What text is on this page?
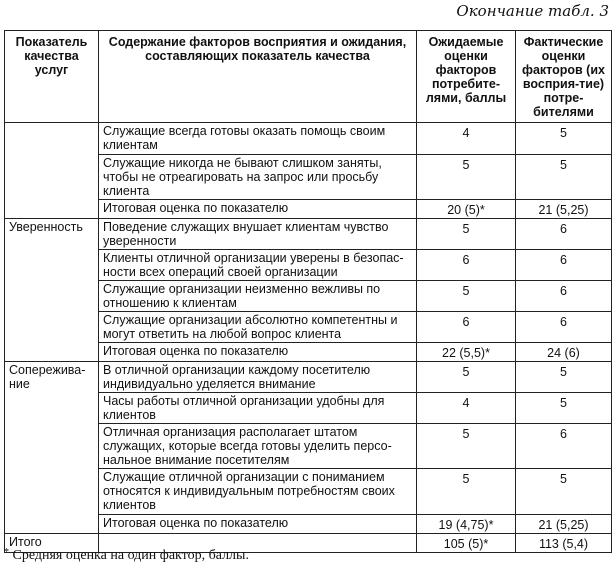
Окончание табл. 3
Показатель качества услуг	Содержание факторов восприятия и ожидания, составляющих показатель качества	Ожидаемые оценки факторов потребите-лями, баллы	Фактические оценки факторов (их восприя-тие) потре-бителями
	Служащие всегда готовы оказать помощь своим клиентам	4	5
	Служащие никогда не бывают слишком заняты, чтобы не отреагировать на запрос или просьбу клиента	5	5
	Итоговая оценка по показателю	20 (5)*	21 (5,25)
Уверенность	Поведение служащих внушает клиентам чувство уверенности	5	6
	Клиенты отличной организации уверены в безопас-ности всех операций своей организации	6	6
	Служащие организации неизменно вежливы по отношению к клиентам	5	6
	Служащие организации абсолютно компетентны и могут ответить на любой вопрос клиента	6	6
	Итоговая оценка по показателю	22 (5,5)*	24 (6)
Сопережива-ние	В отличной организации каждому посетителю индивидуально уделяется внимание	5	5
	Часы работы отличной организации удобны для клиентов	4	5
	Отличная организация располагает штатом служащих, которые всегда готовы уделить персо-нальное внимание посетителям	5	6
	Служащие отличной организации с пониманием относятся к индивидуальным потребностям своих клиентов	5	5
	Итоговая оценка по показателю	19 (4,75)*	21 (5,25)
Итого		105 (5)*	113 (5,4)
* Средняя оценка на один фактор, баллы.
